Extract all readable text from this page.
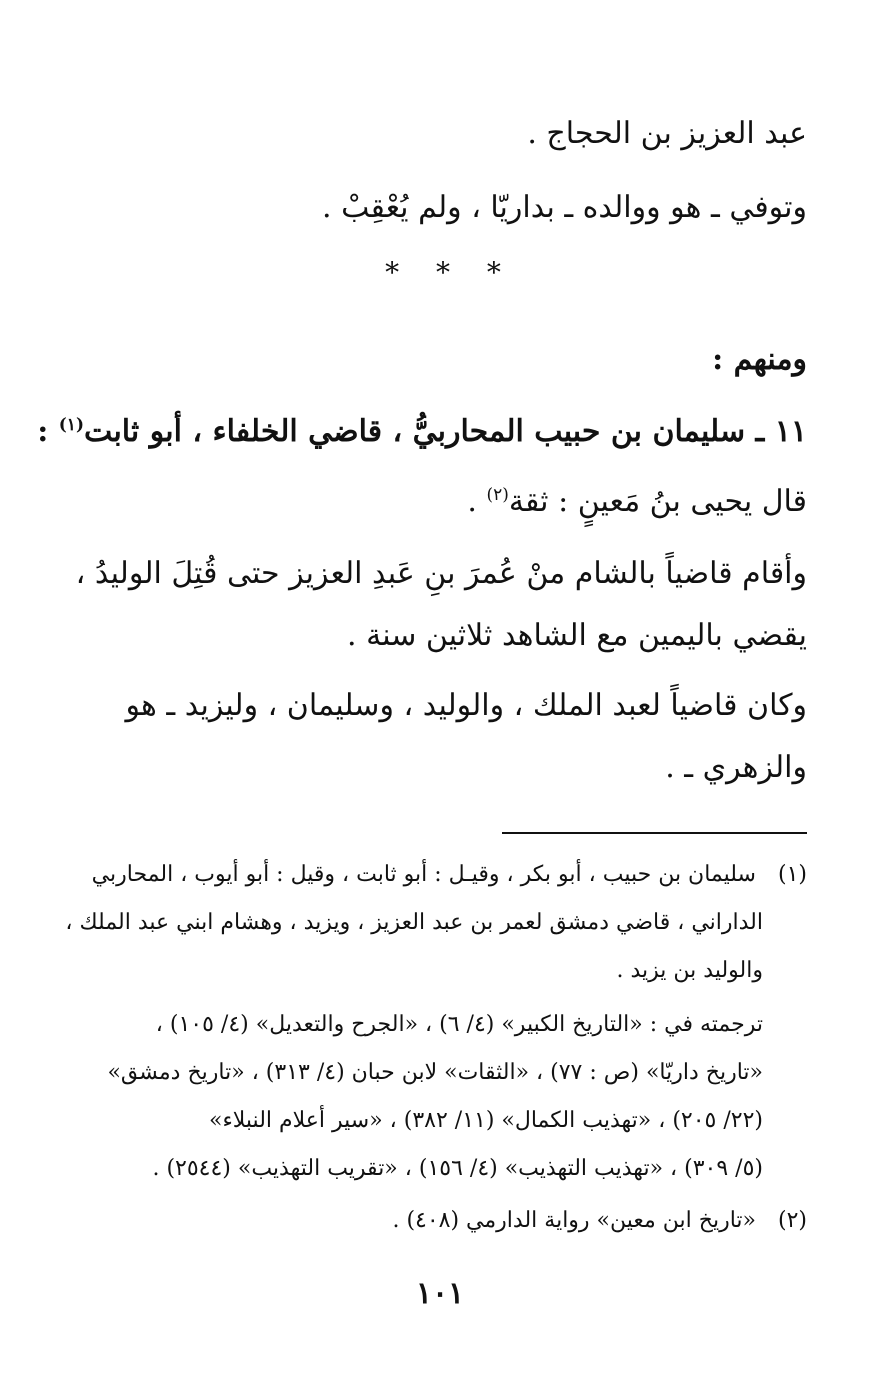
عبد العزيز بن الحجاج .
وتوفي ـ هو ووالده ـ بداريّا ، ولم يُعْقِبْ .
* * *
ومنهم :
١١ ـ سليمان بن حبيب المحاربيُّ ، قاضي الخلفاء ، أبو ثابت$^{(١)}$ :
قال يحيى بنُ مَعينٍ : ثقة$^{(٢)}$ .
وأقام قاضياً بالشام منْ عُمرَ بنِ عَبدِ العزيز حتى قُتِلَ الوليدُ ،
يقضي باليمين مع الشاهد ثلاثين سنة .
وكان قاضياً لعبد الملك ، والوليد ، وسليمان ، وليزيد ـ هو
والزهري ـ .
(١) سليمان بن حبيب ، أبو بكر ، وقيـل : أبو ثابت ، وقيل : أبو أيوب ، المحاربي
الداراني ، قاضي دمشق لعمر بن عبد العزيز ، ويزيد ، وهشام ابني عبد الملك ،
والوليد بن يزيد .
ترجمته في : «التاريخ الكبير» (٤/ ٦) ، «الجرح والتعديل» (٤/ ١٠٥) ،
«تاريخ داريّا» (ص : ٧٧) ، «الثقات» لابن حبان (٤/ ٣١٣) ، «تاريخ دمشق»
(٢٢/ ٢٠٥) ، «تهذيب الكمال» (١١/ ٣٨٢) ، «سير أعلام النبلاء»
(٥/ ٣٠٩) ، «تهذيب التهذيب» (٤/ ١٥٦) ، «تقريب التهذيب» (٢٥٤٤) .
(٢) «تاريخ ابن معين» رواية الدارمي (٤٠٨) .
١٠١
